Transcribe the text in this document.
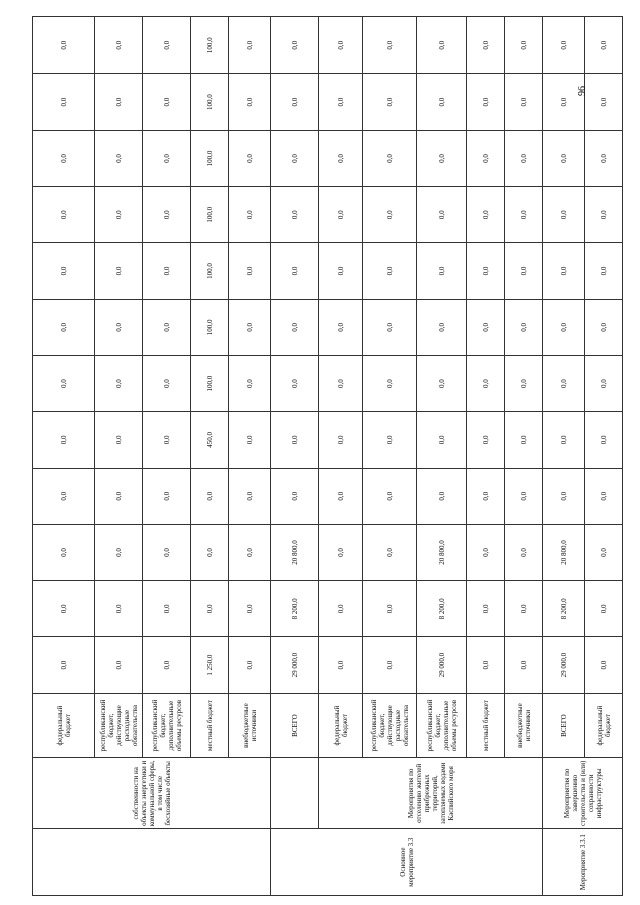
	собственности на объекты энергетики и коммунальной сферы, в том числе бесхозяйные объекты	федеральный бюджет	0,0	0,0	0,0	0,0	0,0	0,0	0,0	0,0	0,0	0,0	0,0	0,0
		республиканский бюджет, действующие расходные обязательства	0,0	0,0	0,0	0,0	0,0	0,0	0,0	0,0	0,0	0,0	0,0	0,0
		республиканский бюджет, дополнительные объемы ресурсов	0,0	0,0	0,0	0,0	0,0	0,0	0,0	0,0	0,0	0,0	0,0	0,0
		местный бюджет	1 250,0	0,0	0,0	0,0	450,0	100,0	100,0	100,0	100,0	100,0	100,0	100,0
		внебюджетные источники	0,0	0,0	0,0	0,0	0,0	0,0	0,0	0,0	0,0	0,0	0,0	0,0
Основное мероприятие 3.3		ВСЕГО	29 000,0	8 200,0	20 800,0	0,0	0,0	0,0	0,0	0,0	0,0	0,0	0,0	0,0
	Мероприятия по отселению жителей прибрежных территорий, затопляемых водами Каспийского моря	федеральный бюджет	0,0	0,0	0,0	0,0	0,0	0,0	0,0	0,0	0,0	0,0	0,0	0,0
		республиканский бюджет, действующие расходные обязательства	0,0	0,0	0,0	0,0	0,0	0,0	0,0	0,0	0,0	0,0	0,0	0,0
		республиканский бюджет, дополнительные объемы ресурсов	29 000,0	8 200,0	20 800,0	0,0	0,0	0,0	0,0	0,0	0,0	0,0	0,0	0,0
		местный бюджет	0,0	0,0	0,0	0,0	0,0	0,0	0,0	0,0	0,0	0,0	0,0	0,0
		внебюджетные источники	0,0	0,0	0,0	0,0	0,0	0,0	0,0	0,0	0,0	0,0	0,0	0,0
Мероприятие 3.3.1	Мероприятия по завершению строительства и (или) сохранности инфраструктуры	ВСЕГО	29 000,0	8 200,0	20 800,0	0,0	0,0	0,0	0,0	0,0	0,0	0,0	0,0	0,0
		федеральный бюджет	0,0	0,0	0,0	0,0	0,0	0,0	0,0	0,0	0,0	0,0	0,0	0,0
96
